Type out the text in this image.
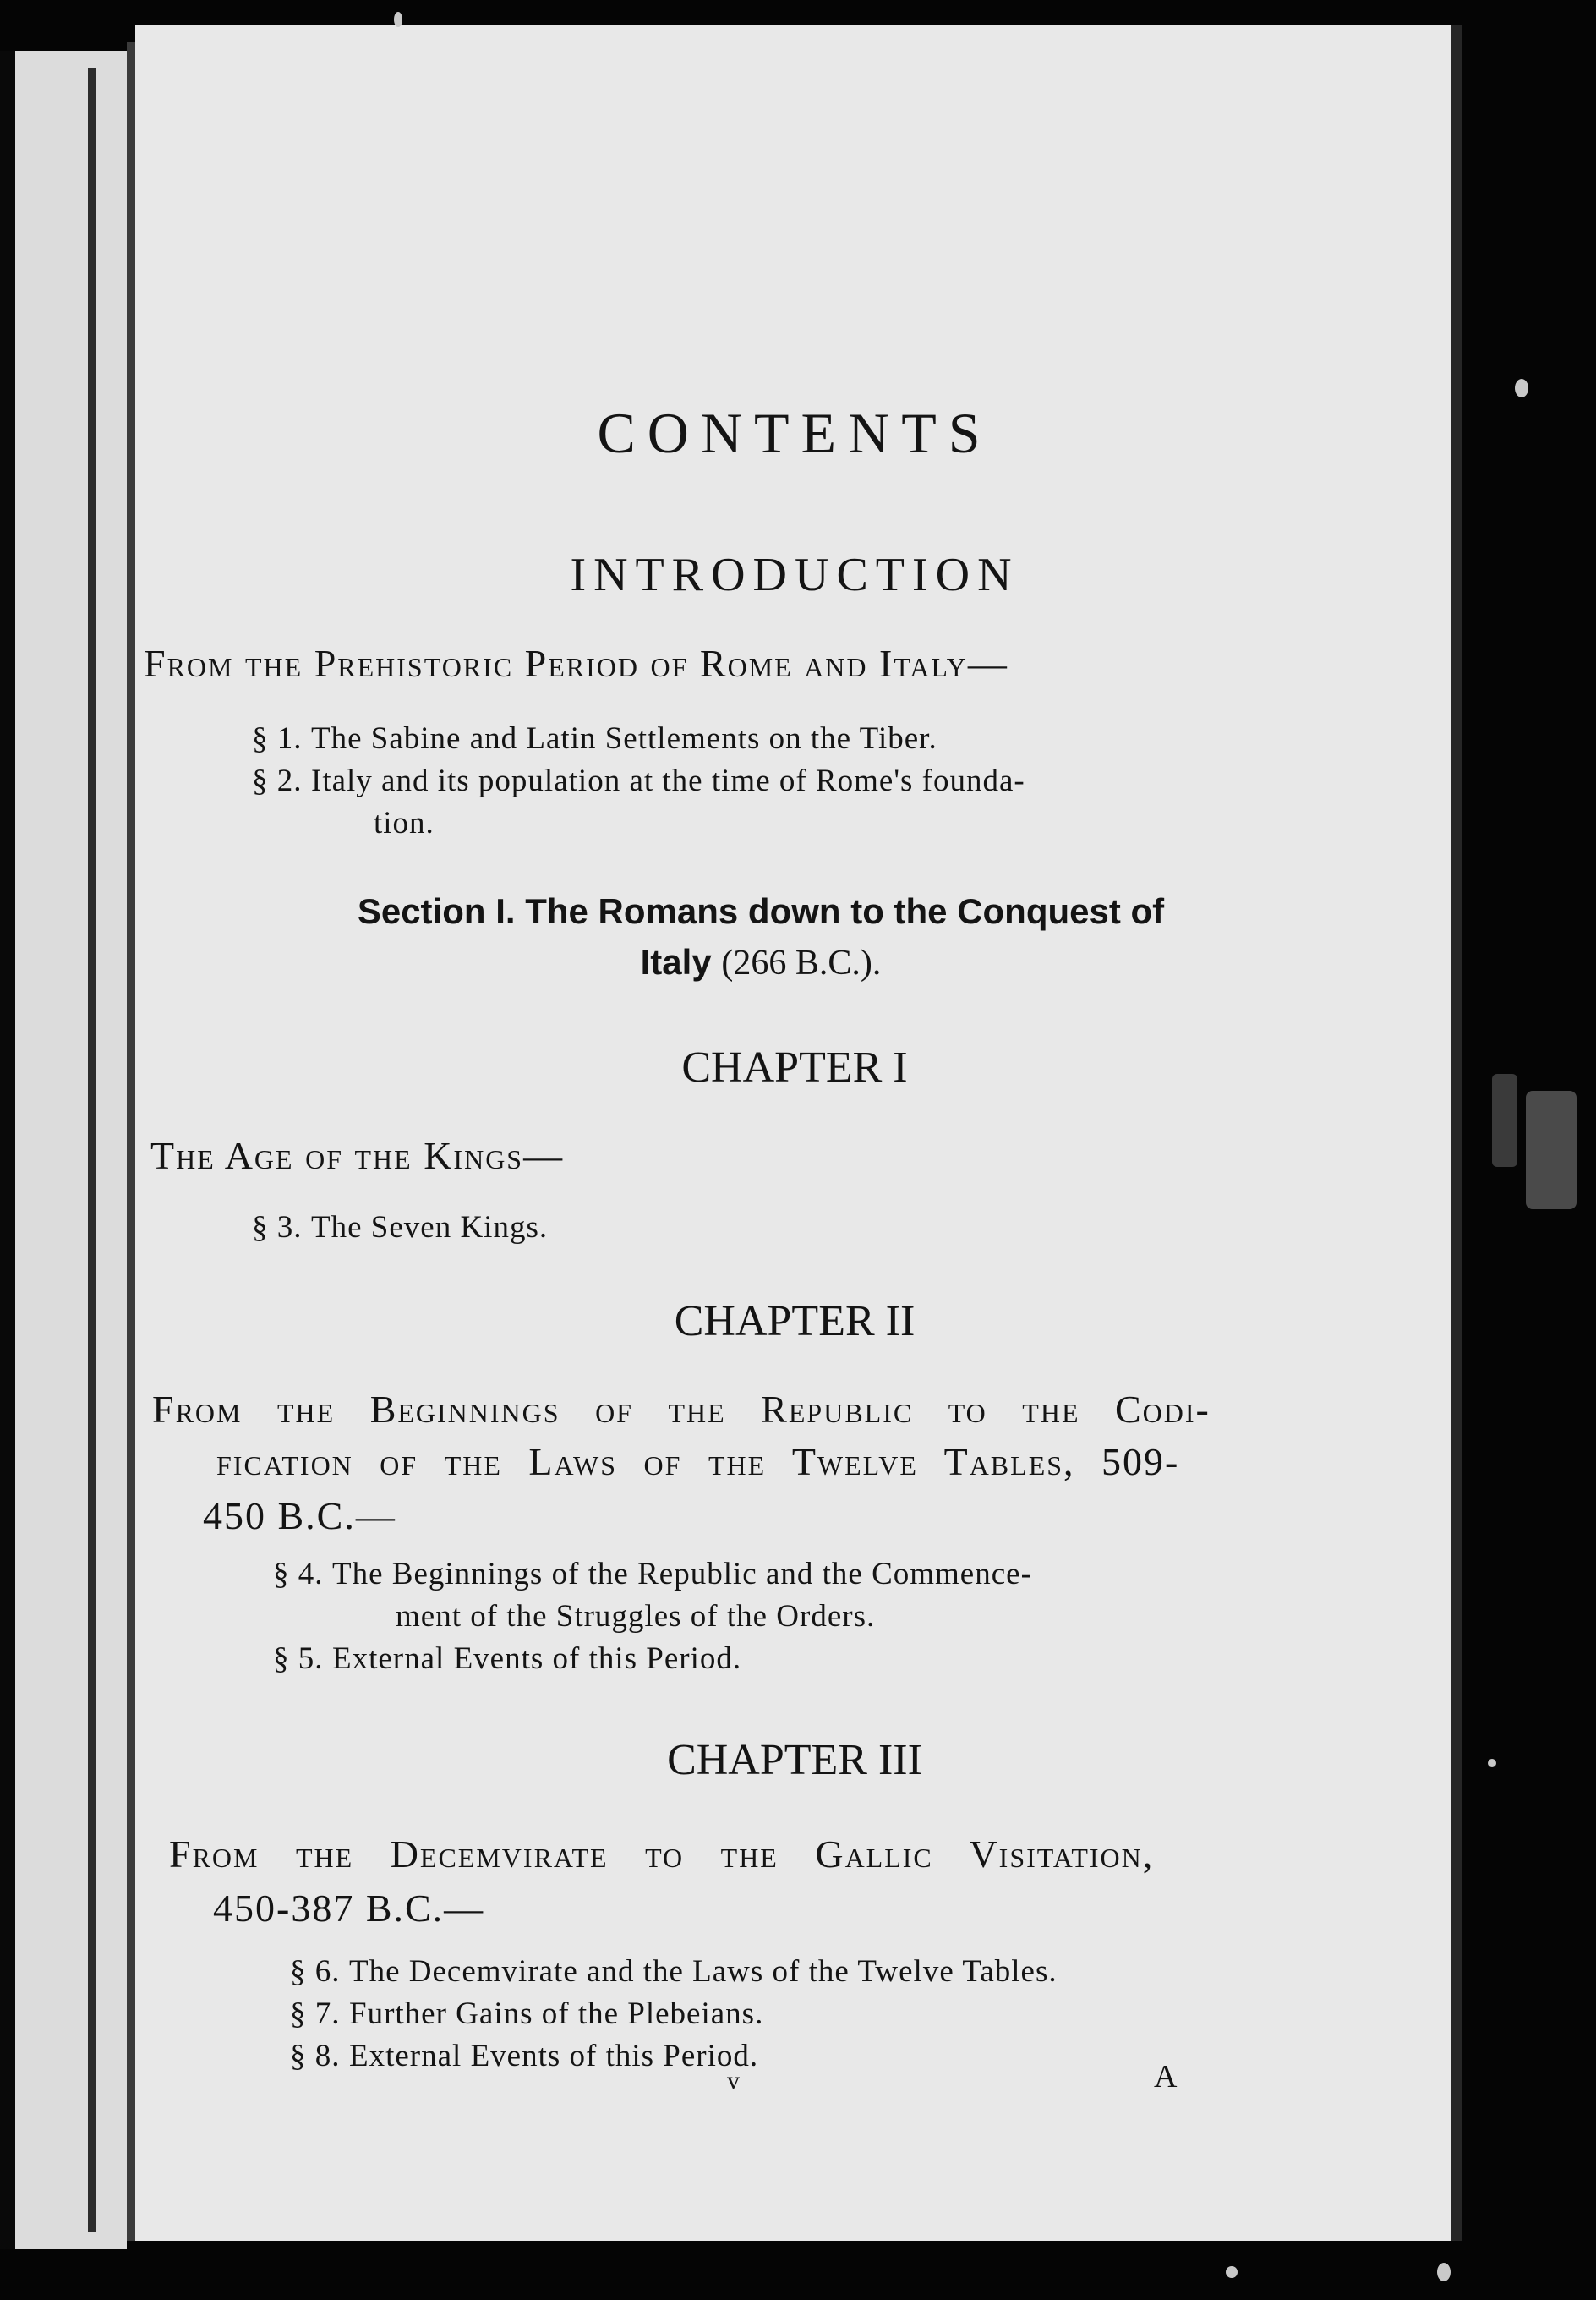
CONTENTS
INTRODUCTION
From the Prehistoric Period of Rome and Italy—
§ 1. The Sabine and Latin Settlements on the Tiber.
§ 2. Italy and its population at the time of Rome's founda-
tion.
Section I. The Romans down to the Conquest of
Italy (266 B.C.).
CHAPTER I
The Age of the Kings—
§ 3. The Seven Kings.
CHAPTER II
From the Beginnings of the Republic to the Codi-
fication of the Laws of the Twelve Tables, 509-
450 B.C.—
§ 4. The Beginnings of the Republic and the Commence-
ment of the Struggles of the Orders.
§ 5. External Events of this Period.
CHAPTER III
From the Decemvirate to the Gallic Visitation,
450-387 B.C.—
§ 6. The Decemvirate and the Laws of the Twelve Tables.
§ 7. Further Gains of the Plebeians.
§ 8. External Events of this Period.
v	A
